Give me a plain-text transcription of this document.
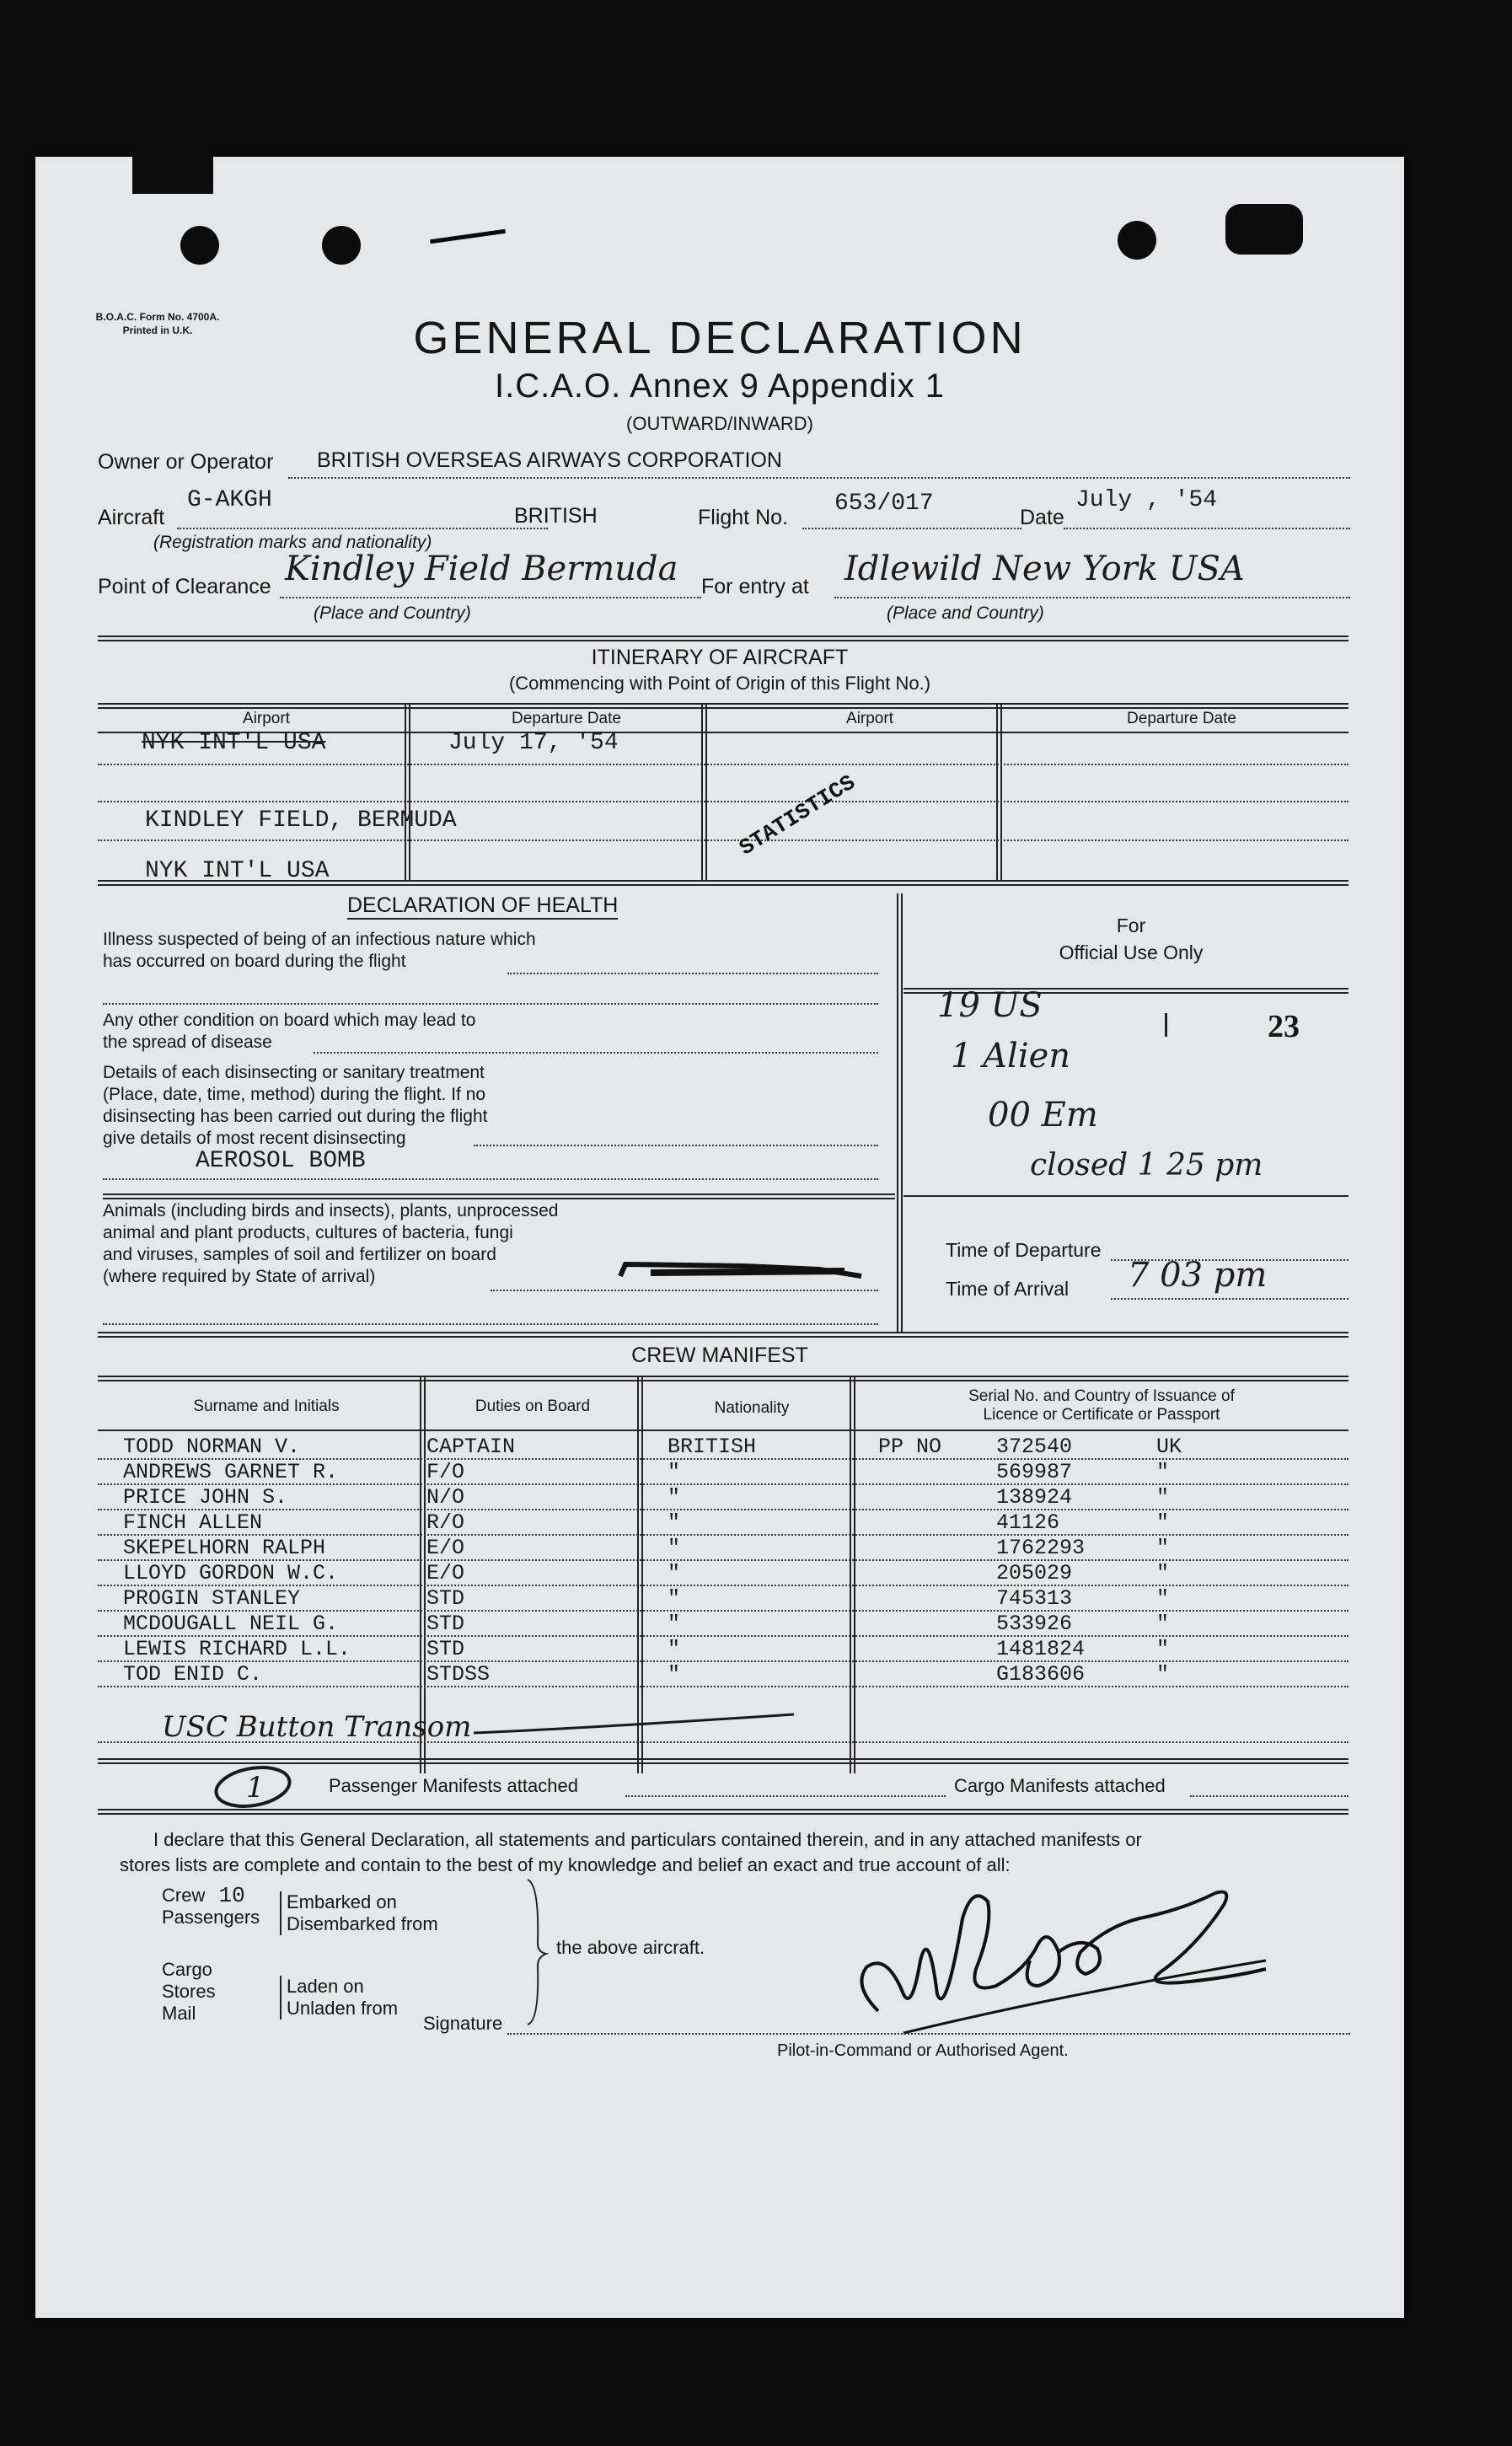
B.O.A.C. Form No. 4700A.
Printed in U.K.	GENERAL DECLARATION
I.C.A.O. Annex 9 Appendix 1
(OUTWARD/INWARD)
Owner or Operator BRITISH OVERSEAS AIRWAYS CORPORATION
Aircraft
G-AKGH
BRITISH	Flight No.
653/017
Date
July , '54
(Registration marks and nationality)
Point of Clearance Kindley Field Bermuda For entry at Idlewild New York USA
(Place and Country)	(Place and Country)
ITINERARY OF AIRCRAFT
(Commencing with Point of Origin of this Flight No.)
Airport	Departure Date	Airport	Departure Date
NYK INT'L USA	July 17, '54
KINDLEY FIELD, BERMUDA
NYK INT'L USA
STATISTICS
DECLARATION OF HEALTH
Illness suspected of being of an infectious nature which
has occurred on board during the flight
Any other condition on board which may lead to
the spread of disease
Details of each disinsecting or sanitary treatment
(Place, date, time, method) during the flight. If no
disinsecting has been carried out during the flight
give details of most recent disinsecting
AEROSOL BOMB
Animals (including birds and insects), plants, unprocessed
animal and plant products, cultures of bacteria, fungi
and viruses, samples of soil and fertilizer on board
(where required by State of arrival)
For
Official Use Only
19 US
1 Alien
00 Em
closed 1 25 pm
23
Time of Departure
Time of Arrival 7 03 pm
CREW MANIFEST
Surname and Initials	Duties on Board	Nationality
Serial No. and Country of Issuance of
Licence or Certificate or Passport
TODD NORMAN V.	CAPTAIN	BRITISH	PP NO	372540	UK
ANDREWS GARNET R.	F/O	"	569987	"
PRICE JOHN S.	N/O	"	138924	"
FINCH ALLEN	R/O	"	41126	"
SKEPELHORN RALPH	E/O	"	1762293	"
LLOYD GORDON W.C.	E/O	"	205029	"
PROGIN STANLEY	STD	"	745313	"
MCDOUGALL NEIL G.	STD	"	533926	"
LEWIS RICHARD L.L.	STD	"	1481824	"
TOD ENID C.	STDSS	"	G183606	"
USC Button Transom
1	Passenger Manifests attached	Cargo Manifests attached
I declare that this General Declaration, all statements and particulars contained therein, and in any attached manifests or
stores lists are complete and contain to the best of my knowledge and belief an exact and true account of all:
Crew 10
Passengers
Embarked on
Disembarked from
Cargo
Stores
Mail
Laden on
Unladen from
the above aircraft.
Signature
Pilot-in-Command or Authorised Agent.
